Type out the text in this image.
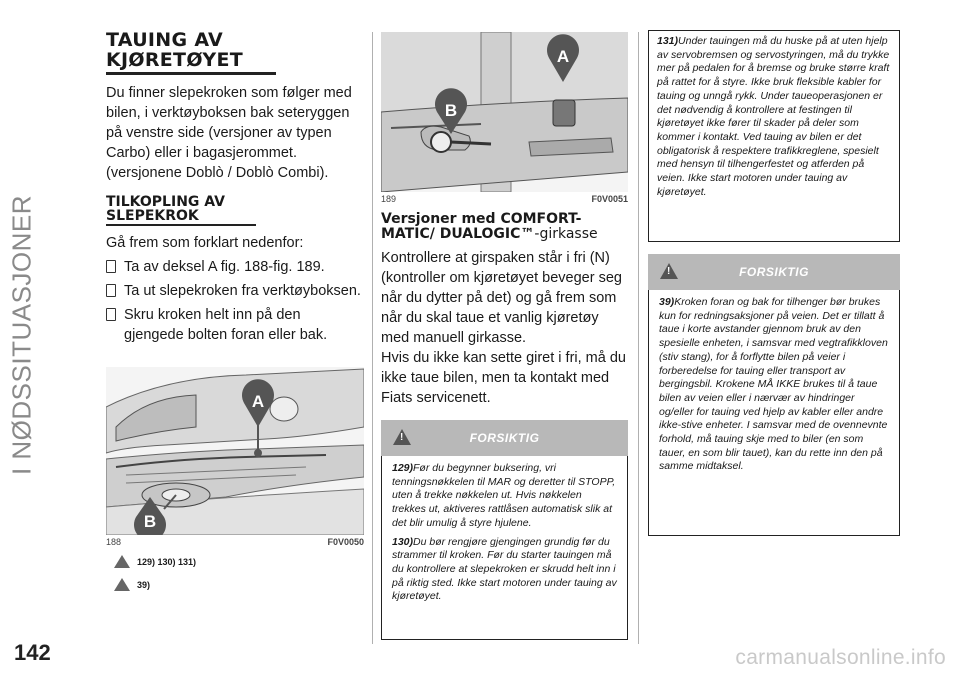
I NØDSSITUASJONER
142	carmanualsonline.info
TAUING AV
KJØRETØYET

Du finner slepekroken som følger med bilen, i verktøyboksen bak seteryggen på venstre side (versjoner av typen Carbo) eller i bagasjerommet. (versjonene Doblò / Doblò Combi).

TILKOPLING AV
SLEPEKROK

Gå frem som forklart nedenfor:

Ta av deksel A fig. 188-fig. 189.
Ta ut slepekroken fra verktøyboksen.
Skru kroken helt inn på den gjengede bolten foran eller bak.
A
B
188	F0V0050
129) 130) 131)
39)
A
B
189	F0V0051
Versjoner med COMFORT-MATIC/ DUALOGIC™-girkasse

Kontrollere at girspaken står i fri (N) (kontroller om kjøretøyet beveger seg når du dytter på det) og gå frem som når du skal taue et vanlig kjøretøy med manuell girkasse.

Hvis du ikke kan sette giret i fri, må du ikke taue bilen, men ta kontakt med Fiats servicenett.

!
FORSIKTIG

129)Før du begynner buksering, vri tenningsnøkkelen til MAR og deretter til STOPP, uten å trekke nøkkelen ut. Hvis nøkkelen trekkes ut, aktiveres rattlåsen automatisk slik at det blir umulig å styre hjulene.

130)Du bør rengjøre gjengingen grundig før du strammer til kroken. Før du starter tauingen må du kontrollere at slepekroken er skrudd helt inn i på riktig sted. Ikke start motoren under tauing av kjøretøyet.

131)Under tauingen må du huske på at uten hjelp av servobremsen og servostyringen, må du trykke mer på pedalen for å bremse og bruke større kraft på rattet for å styre. Ikke bruk fleksible kabler for tauing og unngå rykk. Under taueoperasjonen er det nødvendig å kontrollere at festingen til kjøretøyet ikke fører til skader på deler som kommer i kontakt. Ved tauing av bilen er det obligatorisk å respektere trafikkreglene, spesielt med hensyn til tilhengerfestet og atferden på veien. Ikke start motoren under tauing av kjøretøyet.

!
FORSIKTIG

39)Kroken foran og bak for tilhenger bør brukes kun for redningsaksjoner på veien. Det er tillatt å taue i korte avstander gjennom bruk av den spesielle enheten, i samsvar med vegtrafikkloven (stiv stang), for å forflytte bilen på veier i forberedelse for tauing eller transport av bergingsbil. Krokene MÅ IKKE brukes til å taue bilen av veien eller i nærvær av hindringer og/eller for tauing ved hjelp av kabler eller andre ikke-stive enheter. I samsvar med de ovennevnte forhold, må tauing skje med to biler (en som tauer, en som blir tauet), kan du rette inn den på samme midtaksel.
